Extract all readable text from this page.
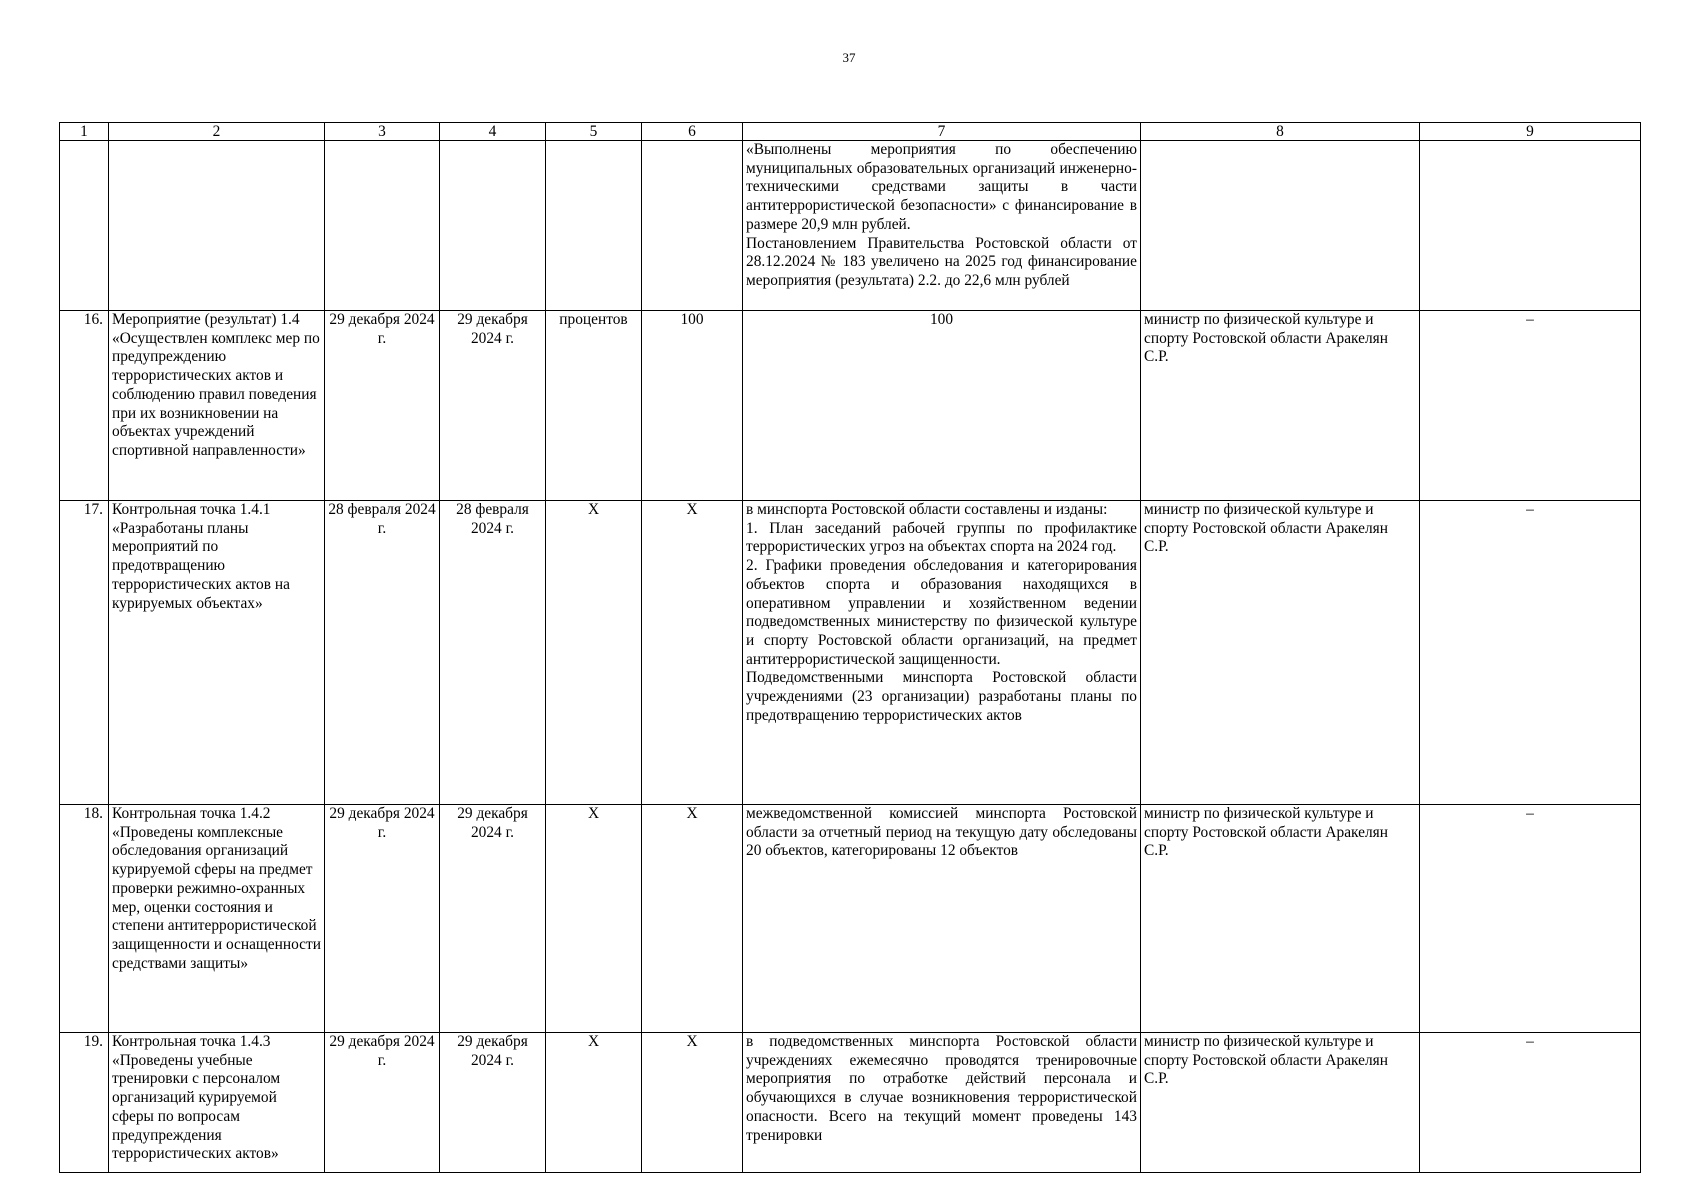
37
1	2	3	4	5	6	7	8	9

						«Выполнены мероприятия по обеспечению муниципальных образовательных организаций инженерно-техническими средствами защиты в части антитеррористической безопасности» с финансирование в размере 20,9 млн рублей.
Постановлением Правительства Ростовской области от 28.12.2024 № 183 увеличено на 2025 год финансирование мероприятия (результата) 2.2. до 22,6 млн рублей		

16.	Мероприятие (результат) 1.4 «Осуществлен комплекс мер по предупреждению террористических актов и соблюдению правил поведения при их возникновении на объектах учреждений спортивной направленности»	29 декабря 2024 г.	29 декабря 2024 г.	процентов	100	100	министр по физической культуре и спорту Ростовской области Аракелян С.Р.	–
17.	Контрольная точка 1.4.1 «Разработаны планы мероприятий по предотвращению террористических актов на курируемых объектах»	28 февраля 2024 г.	28 февраля 2024 г.	X	X	в минспорта Ростовской области составлены и изданы:
1. План заседаний рабочей группы по профилактике террористических угроз на объектах спорта на 2024 год.
2. Графики проведения обследования и категорирования объектов спорта и образования находящихся в оперативном управлении и хозяйственном ведении подведомственных министерству по физической культуре и спорту Ростовской области организаций, на предмет антитеррористической защищенности.
Подведомственными минспорта Ростовской области учреждениями (23 организации) разработаны планы по предотвращению террористических актов	министр по физической культуре и спорту Ростовской области Аракелян С.Р.	–
18.	Контрольная точка 1.4.2 «Проведены комплексные обследования организаций курируемой сферы на предмет проверки режимно-охранных мер, оценки состояния и степени антитеррористической защищенности и оснащенности средствами защиты»	29 декабря 2024 г.	29 декабря 2024 г.	X	X	межведомственной комиссией минспорта Ростовской области за отчетный период на текущую дату обследованы 20 объектов, категорированы 12 объектов	министр по физической культуре и спорту Ростовской области Аракелян С.Р.	–
19.	Контрольная точка 1.4.3 «Проведены учебные тренировки с персоналом организаций курируемой сферы по вопросам предупреждения террористических актов»	29 декабря 2024 г.	29 декабря 2024 г.	X	X	в подведомственных минспорта Ростовской области учреждениях ежемесячно проводятся тренировочные мероприятия по отработке действий персонала и обучающихся в случае возникновения террористической опасности. Всего на текущий момент проведены 143 тренировки	министр по физической культуре и спорту Ростовской области Аракелян С.Р.	–
